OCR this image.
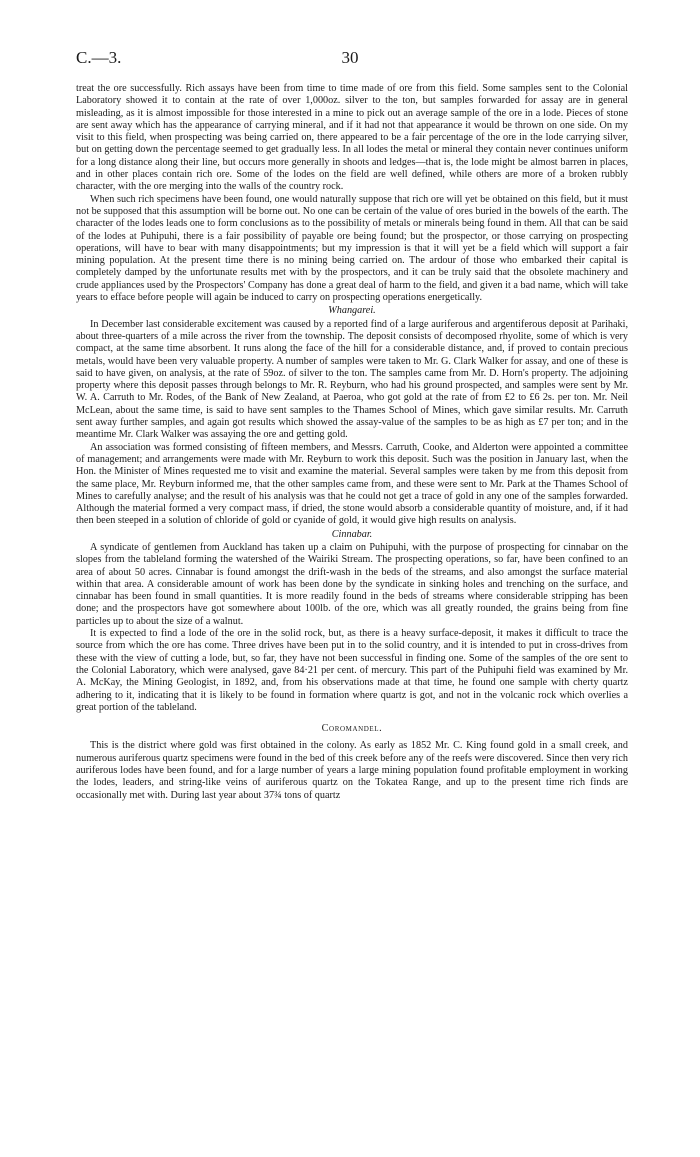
C.—3.	30

treat the ore successfully. Rich assays have been from time to time made of ore from this field. Some samples sent to the Colonial Laboratory showed it to contain at the rate of over 1,000oz. silver to the ton, but samples forwarded for assay are in general misleading, as it is almost impossible for those interested in a mine to pick out an average sample of the ore in a lode. Pieces of stone are sent away which has the appearance of carrying mineral, and if it had not that appearance it would be thrown on one side. On my visit to this field, when prospecting was being carried on, there appeared to be a fair percentage of the ore in the lode carrying silver, but on getting down the percentage seemed to get gradually less. In all lodes the metal or mineral they contain never continues uniform for a long distance along their line, but occurs more generally in shoots and ledges—that is, the lode might be almost barren in places, and in other places contain rich ore. Some of the lodes on the field are well defined, while others are more of a broken rubbly character, with the ore merging into the walls of the country rock.

When such rich specimens have been found, one would naturally suppose that rich ore will yet be obtained on this field, but it must not be supposed that this assumption will be borne out. No one can be certain of the value of ores buried in the bowels of the earth. The character of the lodes leads one to form conclusions as to the possibility of metals or minerals being found in them. All that can be said of the lodes at Puhipuhi, there is a fair possibility of payable ore being found; but the prospector, or those carrying on prospecting operations, will have to bear with many disappointments; but my impression is that it will yet be a field which will support a fair mining population. At the present time there is no mining being carried on. The ardour of those who embarked their capital is completely damped by the unfortunate results met with by the prospectors, and it can be truly said that the obsolete machinery and crude appliances used by the Prospectors' Company has done a great deal of harm to the field, and given it a bad name, which will take years to efface before people will again be induced to carry on prospecting operations energetically.

Whangarei.

In December last considerable excitement was caused by a reported find of a large auriferous and argentiferous deposit at Parihaki, about three-quarters of a mile across the river from the township. The deposit consists of decomposed rhyolite, some of which is very compact, at the same time absorbent. It runs along the face of the hill for a considerable distance, and, if proved to contain precious metals, would have been very valuable property. A number of samples were taken to Mr. G. Clark Walker for assay, and one of these is said to have given, on analysis, at the rate of 59oz. of silver to the ton. The samples came from Mr. D. Horn's property. The adjoining property where this deposit passes through belongs to Mr. R. Reyburn, who had his ground prospected, and samples were sent by Mr. W. A. Carruth to Mr. Rodes, of the Bank of New Zealand, at Paeroa, who got gold at the rate of from £2 to £6 2s. per ton. Mr. Neil McLean, about the same time, is said to have sent samples to the Thames School of Mines, which gave similar results. Mr. Carruth sent away further samples, and again got results which showed the assay-value of the samples to be as high as £7 per ton; and in the meantime Mr. Clark Walker was assaying the ore and getting gold.

An association was formed consisting of fifteen members, and Messrs. Carruth, Cooke, and Alderton were appointed a committee of management; and arrangements were made with Mr. Reyburn to work this deposit. Such was the position in January last, when the Hon. the Minister of Mines requested me to visit and examine the material. Several samples were taken by me from this deposit from the same place, Mr. Reyburn informed me, that the other samples came from, and these were sent to Mr. Park at the Thames School of Mines to carefully analyse; and the result of his analysis was that he could not get a trace of gold in any one of the samples forwarded. Although the material formed a very compact mass, if dried, the stone would absorb a considerable quantity of moisture, and, if it had then been steeped in a solution of chloride of gold or cyanide of gold, it would give high results on analysis.

Cinnabar.

A syndicate of gentlemen from Auckland has taken up a claim on Puhipuhi, with the purpose of prospecting for cinnabar on the slopes from the tableland forming the watershed of the Wairiki Stream. The prospecting operations, so far, have been confined to an area of about 50 acres. Cinnabar is found amongst the drift-wash in the beds of the streams, and also amongst the surface material within that area. A considerable amount of work has been done by the syndicate in sinking holes and trenching on the surface, and cinnabar has been found in small quantities. It is more readily found in the beds of streams where considerable stripping has been done; and the prospectors have got somewhere about 100lb. of the ore, which was all greatly rounded, the grains being from fine particles up to about the size of a walnut.

It is expected to find a lode of the ore in the solid rock, but, as there is a heavy surface-deposit, it makes it difficult to trace the source from which the ore has come. Three drives have been put in to the solid country, and it is intended to put in cross-drives from these with the view of cutting a lode, but, so far, they have not been successful in finding one. Some of the samples of the ore sent to the Colonial Laboratory, which were analysed, gave 84·21 per cent. of mercury. This part of the Puhipuhi field was examined by Mr. A. McKay, the Mining Geologist, in 1892, and, from his observations made at that time, he found one sample with cherty quartz adhering to it, indicating that it is likely to be found in formation where quartz is got, and not in the volcanic rock which overlies a great portion of the tableland.

Coromandel.

This is the district where gold was first obtained in the colony. As early as 1852 Mr. C. King found gold in a small creek, and numerous auriferous quartz specimens were found in the bed of this creek before any of the reefs were discovered. Since then very rich auriferous lodes have been found, and for a large number of years a large mining population found profitable employment in working the lodes, leaders, and string-like veins of auriferous quartz on the Tokatea Range, and up to the present time rich finds are occasionally met with. During last year about 37¾ tons of quartz
